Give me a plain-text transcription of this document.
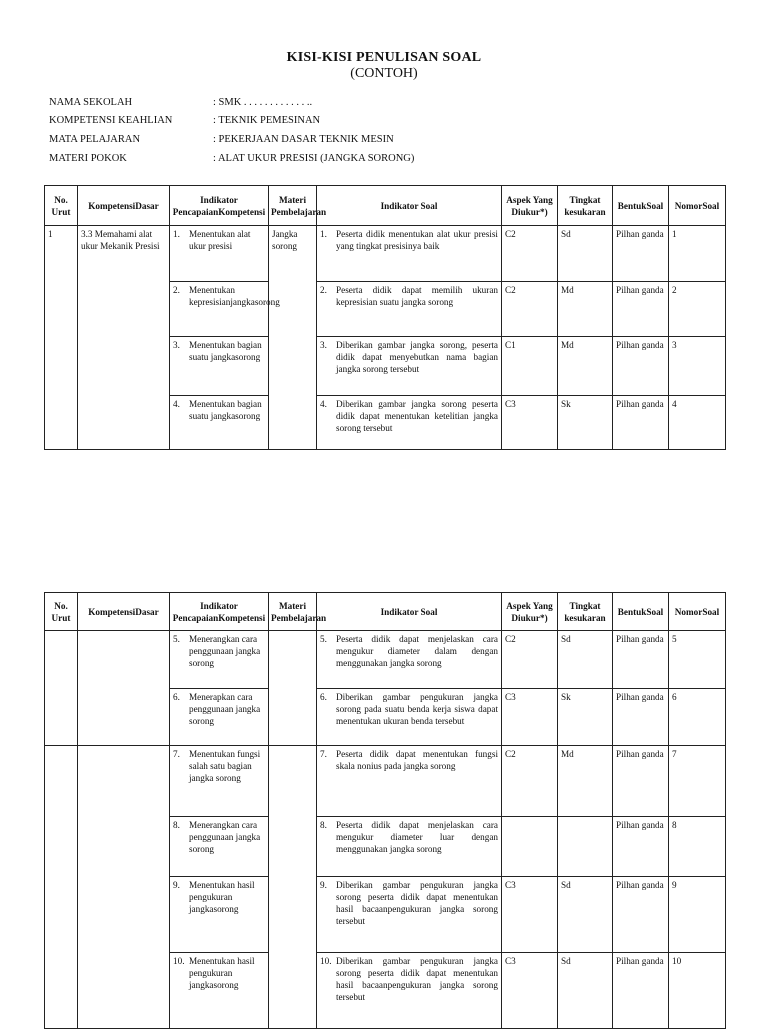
KISI-KISI PENULISAN SOAL
(CONTOH)
NAMA SEKOLAH	: SMK . . . . . . . . . . . . ..
KOMPETENSI KEAHLIAN	: TEKNIK PEMESINAN
MATA PELAJARAN	: PEKERJAAN DASAR TEKNIK MESIN
MATERI POKOK	: ALAT UKUR PRESISI (JANGKA SORONG)
No. Urut	KompetensiDasar	Indikator PencapaianKompetensi	Materi Pembelajaran	Indikator Soal	Aspek Yang Diukur*)	Tingkat kesukaran	BentukSoal	NomorSoal
1	3.3 Memahami alat ukur Mekanik Presisi	1. Menentukan alat ukur presisi	Jangka sorong	1. Peserta didik menentukan alat ukur presisi yang tingkat presisinya baik	C2	Sd	Pilhan ganda	1

		2. Menentukan kepresisianjangkasorong		2. Peserta didik dapat memilih ukuran kepresisian suatu jangka sorong	C2	Md	Pilhan ganda	2

		3. Menentukan bagian suatu jangkasorong		3. Diberikan gambar jangka sorong, peserta didik dapat menyebutkan nama bagian jangka sorong tersebut	C1	Md	Pilhan ganda	3

		4. Menentukan bagian suatu jangkasorong		4. Diberikan gambar jangka sorong peserta didik dapat menentukan ketelitian jangka sorong tersebut	C3	Sk	Pilhan ganda	4
No. Urut	KompetensiDasar	Indikator PencapaianKompetensi	Materi Pembelajaran	Indikator Soal	Aspek Yang Diukur*)	Tingkat kesukaran	BentukSoal	NomorSoal

		5. Menerangkan cara penggunaan jangka sorong		5. Peserta didik dapat menjelaskan cara mengukur diameter dalam dengan menggunakan jangka sorong	C2	Sd	Pilhan ganda	5

		6. Menerapkan cara penggunaan jangka sorong		6. Diberikan gambar pengukuran jangka sorong pada suatu benda kerja siswa dapat menentukan ukuran benda tersebut	C3	Sk	Pilhan ganda	6

		7. Menentukan fungsi salah satu bagian jangka sorong		7. Peserta didik dapat menentukan fungsi skala nonius pada jangka sorong	C2	Md	Pilhan ganda	7

		8. Menerangkan cara penggunaan jangka sorong		8. Peserta didik dapat menjelaskan cara mengukur diameter luar dengan menggunakan jangka sorong			Pilhan ganda	8

		9. Menentukan hasil pengukuran jangkasorong		9. Diberikan gambar pengukuran jangka sorong peserta didik dapat menentukan hasil bacaanpengukuran jangka sorong tersebut	C3	Sd	Pilhan ganda	9

		10. Menentukan hasil pengukuran jangkasorong		10. Diberikan gambar pengukuran jangka sorong peserta didik dapat menentukan hasil bacaanpengukuran jangka sorong tersebut	C3	Sd	Pilhan ganda	10
